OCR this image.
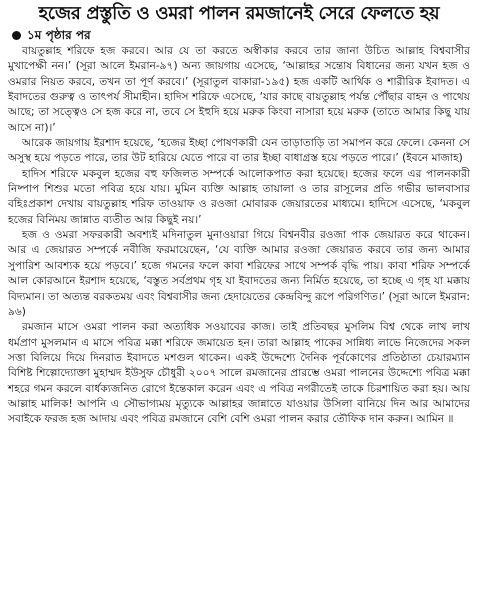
হজের প্রস্তুতি ও ওমরা পালন রমজানেই সেরে ফেলতে হয়
১ম পৃষ্ঠার পর

বায়তুল্লাহ শরিফে হজ করবে। আর যে তা করতে অস্বীকার করবে তার জানা উচিত আল্লাহ বিশ্ববাসীর মুখাপেক্ষী নন।’ (সূরা আলে ইমরান-৯৭) অন্য জায়গায় এসেছে, ‘আল্লাহর সন্তোষ বিধানের জন্য যখন হজ ও ওমরার নিয়ত করবে, তখন তা পূর্ণ করবে।’ (সূরাতুল বাকারা-১৯৫) হজ একটি আর্থিক ও শারীরিক ইবাদত। এ ইবাদতের গুরুত্ব ও তাৎপর্য সীমাহীন। হাদিস শরিফে এসেছে, ‘যার কাছে বায়তুল্লাহ পর্যন্ত পৌঁছার বাহন ও পাথেয় আছে; তা সত্ত্বেও সে হজ করে না, তবে সে ইহুদি হয়ে মরুক কিংবা নাসারা হয়ে মরুক (তাতে আমার কিছু যায় আসে না)।’

আরেক জায়গায় ইরশাদ হয়েছে, ‘হজের ইচ্ছা পোষণকারী যেন তাড়াতাড়ি তা সমাপন করে ফেলে। কেননা সে অসুস্থ হয়ে পড়তে পারে, তার উট হারিয়ে যেতে পারে বা তার ইচ্ছা বাধাগ্রস্ত হয়ে পড়তে পারে।’ (ইবনে মাজাহ)

হাদিস শরিফে মকবুল হজের বহু ফজিলত সম্পর্কে আলোকপাত করা হয়েছে। হজের ফলে এর পালনকারী নিষ্পাপ শিশুর মতো পবিত্র হয়ে যায়। মুমিন ব্যক্তি আল্লাহ তায়ালা ও তার রাসূলের প্রতি গভীর ভালবাসার বহিঃপ্রকাশ দেখায় বায়তুল্লাহ শরিফ তাওয়াফ ও রওজা মোবারক জেয়ারতের মাধ্যমে। হাদিসে এসেছে, ‘মকবুল হজের বিনিময় জান্নাত ব্যতীত আর কিছুই নয়।’

হজ ও ওমরা সফরকারী অবশ্যই মদিনাতুল মুনাওয়ারা গিয়ে বিশ্বনবীর রওজা পাক জেয়ারত করে থাকেন। আর এ জেয়ারত সম্পর্কে নবীজি ফরমায়েছেন, ‘যে ব্যক্তি আমার রওজা জেয়ারত করবে তার জন্য আমার সুপারিশ আবশ্যক হয়ে পড়বে।’ হজে গমনের ফলে কাবা শরিফের সাথে সম্পর্ক বৃদ্ধি পায়। কাবা শরিফ সম্পর্কে আল কোরআনে ইরশাদ হয়েছে, ‘বস্তুত সর্বপ্রথম গৃহ যা ইবাদতের জন্য নির্মিত হয়েছে, তা হচ্ছে এ গৃহ যা মক্কায় বিদ্যমান। তা অত্যন্ত বরকতময় এবং বিশ্ববাসীর জন্য হেদায়েতের কেন্দ্রবিন্দু রূপে পরিগণিত।’ (সূরা আলে ইমরান: ৯৬)

রমজান মাসে ওমরা পালন করা অত্যধিক সওয়াবের কাজ। তাই প্রতিবছর মুসলিম বিশ্ব থেকে লাখ লাখ ধর্মপ্রাণ মুসলমান এ মাসে পবিত্র মক্কা শরিফে জমায়েত হন। তারা আল্লাহ পাকের সান্নিধ্য লাভে নিজেদের সকল সত্তা বিলিয়ে দিয়ে দিনরাত ইবাদতে মশগুল থাকেন। একই উদ্দেশ্যে দৈনিক পূর্বকোণের প্রতিষ্ঠাতা চেয়ারম্যান বিশিষ্ট শিল্পোদ্যোক্তা মুহাম্মদ ইউসুফ চৌধুরী ২০০৭ সালে রমজানের প্রারম্ভে ওমরা পালনের উদ্দেশ্যে পবিত্র মক্কা শহরে গমন করলে বার্ধক্যজনিত রোগে ইন্তেকাল করেন এবং এ পবিত্র নগরীতেই তাকে চিরশায়িত করা হয়। আয় আল্লাহ মালিক! আপনি এ সৌভাগ্যময় মৃত্যুকে আল্লাহর জান্নাতে যাওয়ার উসিলা বানিয়ে দিন আর আমাদের সবাইকে ফরজ হজ আদায় এবং পবিত্র রমজানে বেশি বেশি ওমরা পালন করার তৌফিক দান করুন। আমিন ॥
